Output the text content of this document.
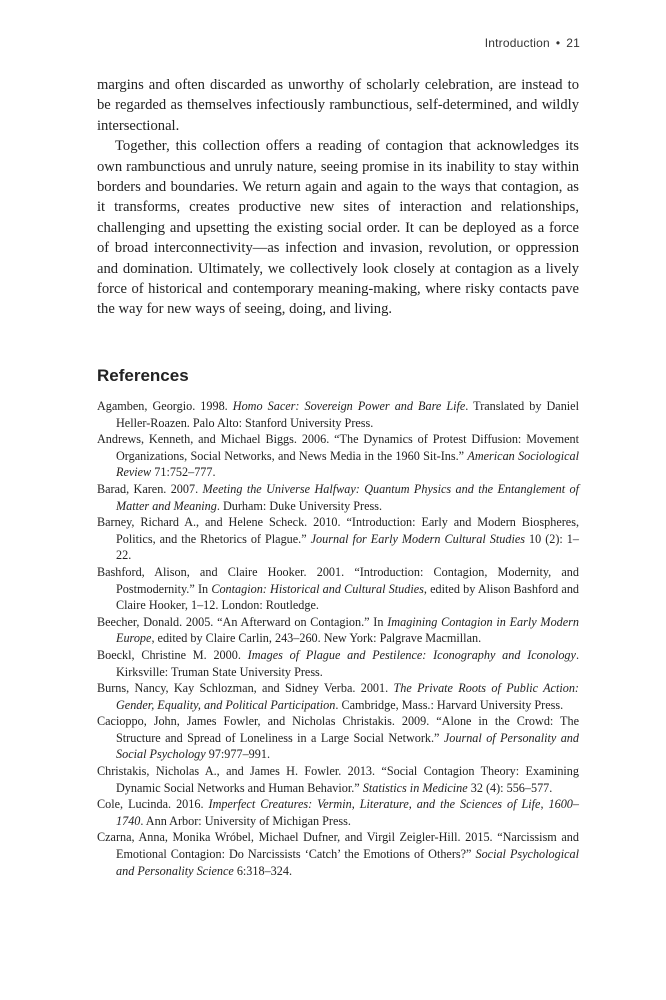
Introduction • 21

margins and often discarded as unworthy of scholarly celebration, are instead to be regarded as themselves infectiously rambunctious, self-determined, and wildly intersectional.

Together, this collection offers a reading of contagion that acknowledges its own rambunctious and unruly nature, seeing promise in its inability to stay within borders and boundaries. We return again and again to the ways that contagion, as it transforms, creates productive new sites of interaction and relationships, challenging and upsetting the existing social order. It can be deployed as a force of broad interconnectivity—as infection and invasion, revolution, or oppression and domination. Ultimately, we collectively look closely at contagion as a lively force of historical and contemporary meaning-making, where risky contacts pave the way for new ways of seeing, doing, and living.

References
Agamben, Georgio. 1998. Homo Sacer: Sovereign Power and Bare Life. Translated by Daniel Heller-Roazen. Palo Alto: Stanford University Press.
Andrews, Kenneth, and Michael Biggs. 2006. “The Dynamics of Protest Diffusion: Movement Organizations, Social Networks, and News Media in the 1960 Sit-Ins.” American Sociological Review 71:752–777.
Barad, Karen. 2007. Meeting the Universe Halfway: Quantum Physics and the Entanglement of Matter and Meaning. Durham: Duke University Press.
Barney, Richard A., and Helene Scheck. 2010. “Introduction: Early and Modern Biospheres, Politics, and the Rhetorics of Plague.” Journal for Early Modern Cultural Studies 10 (2): 1–22.
Bashford, Alison, and Claire Hooker. 2001. “Introduction: Contagion, Modernity, and Postmodernity.” In Contagion: Historical and Cultural Studies, edited by Alison Bashford and Claire Hooker, 1–12. London: Routledge.
Beecher, Donald. 2005. “An Afterward on Contagion.” In Imagining Contagion in Early Modern Europe, edited by Claire Carlin, 243–260. New York: Palgrave Macmillan.
Boeckl, Christine M. 2000. Images of Plague and Pestilence: Iconography and Iconology. Kirksville: Truman State University Press.
Burns, Nancy, Kay Schlozman, and Sidney Verba. 2001. The Private Roots of Public Action: Gender, Equality, and Political Participation. Cambridge, Mass.: Harvard University Press.
Cacioppo, John, James Fowler, and Nicholas Christakis. 2009. “Alone in the Crowd: The Structure and Spread of Loneliness in a Large Social Network.” Journal of Personality and Social Psychology 97:977–991.
Christakis, Nicholas A., and James H. Fowler. 2013. “Social Contagion Theory: Examining Dynamic Social Networks and Human Behavior.” Statistics in Medicine 32 (4): 556–577.
Cole, Lucinda. 2016. Imperfect Creatures: Vermin, Literature, and the Sciences of Life, 1600–1740. Ann Arbor: University of Michigan Press.
Czarna, Anna, Monika Wróbel, Michael Dufner, and Virgil Zeigler-Hill. 2015. “Narcissism and Emotional Contagion: Do Narcissists ‘Catch’ the Emotions of Others?” Social Psychological and Personality Science 6:318–324.
